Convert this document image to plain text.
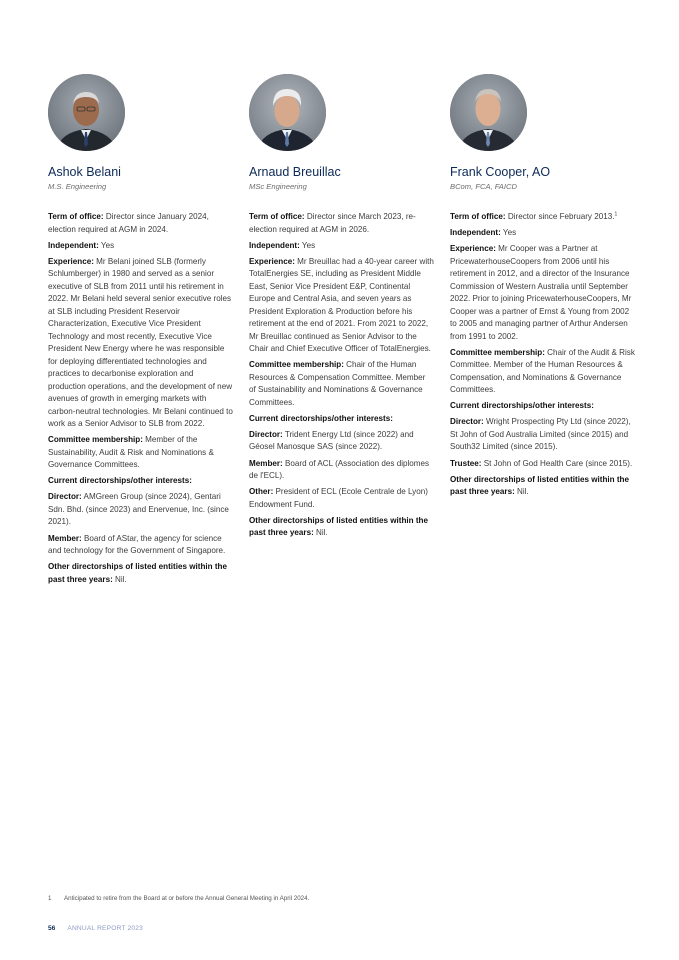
Ashok Belani
M.S. Engineering

Term of office: Director since January 2024, election required at AGM in 2024.

Independent: Yes

Experience: Mr Belani joined SLB (formerly Schlumberger) in 1980 and served as a senior executive of SLB from 2011 until his retirement in 2022. Mr Belani held several senior executive roles at SLB including President Reservoir Characterization, Executive Vice President Technology and most recently, Executive Vice President New Energy where he was responsible for deploying differentiated technologies and practices to decarbonise exploration and production operations, and the development of new avenues of growth in emerging markets with carbon-neutral technologies. Mr Belani continued to work as a Senior Advisor to SLB from 2022.

Committee membership: Member of the Sustainability, Audit & Risk and Nominations & Governance Committees.

Current directorships/other interests:

Director: AMGreen Group (since 2024), Gentari Sdn. Bhd. (since 2023) and Enervenue, Inc. (since 2021).

Member: Board of AStar, the agency for science and technology for the Government of Singapore.

Other directorships of listed entities within the past three years: Nil.

Arnaud Breuillac
MSc Engineering

Term of office: Director since March 2023, re-election required at AGM in 2026.

Independent: Yes

Experience: Mr Breuillac had a 40-year career with TotalEnergies SE, including as President Middle East, Senior Vice President E&P, Continental Europe and Central Asia, and seven years as President Exploration & Production before his retirement at the end of 2021. From 2021 to 2022, Mr Breuillac continued as Senior Advisor to the Chair and Chief Executive Officer of TotalEnergies.

Committee membership: Chair of the Human Resources & Compensation Committee. Member of Sustainability and Nominations & Governance Committees.

Current directorships/other interests:

Director: Trident Energy Ltd (since 2022) and Géosel Manosque SAS (since 2022).

Member: Board of ACL (Association des diplomes de l'ECL).

Other: President of ECL (Ecole Centrale de Lyon) Endowment Fund.

Other directorships of listed entities within the past three years: Nil.

Frank Cooper, AO
BCom, FCA, FAICD

Term of office: Director since February 2013.$^1$

Independent: Yes

Experience: Mr Cooper was a Partner at PricewaterhouseCoopers from 2006 until his retirement in 2012, and a director of the Insurance Commission of Western Australia until September 2022. Prior to joining PricewaterhouseCoopers, Mr Cooper was a partner of Ernst & Young from 2002 to 2005 and managing partner of Arthur Andersen from 1991 to 2002.

Committee membership: Chair of the Audit & Risk Committee. Member of the Human Resources & Compensation, and Nominations & Governance Committees.

Current directorships/other interests:

Director: Wright Prospecting Pty Ltd (since 2022), St John of God Australia Limited (since 2015) and South32 Limited (since 2015).

Trustee: St John of God Health Care (since 2015).

Other directorships of listed entities within the past three years: Nil.

1 Anticipated to retire from the Board at or before the Annual General Meeting in April 2024.
56 ANNUAL REPORT 2023
